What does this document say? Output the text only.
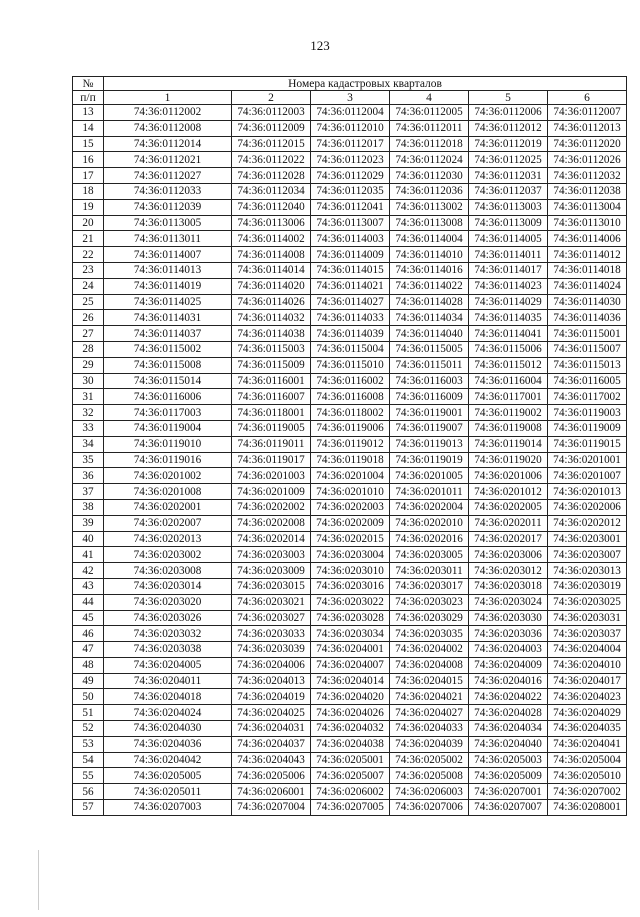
123
№	Номера кадастровых кварталов					
п/п	1	2	3	4	5	6
13	74:36:0112002	74:36:0112003	74:36:0112004	74:36:0112005	74:36:0112006	74:36:0112007
14	74:36:0112008	74:36:0112009	74:36:0112010	74:36:0112011	74:36:0112012	74:36:0112013
15	74:36:0112014	74:36:0112015	74:36:0112017	74:36:0112018	74:36:0112019	74:36:0112020
16	74:36:0112021	74:36:0112022	74:36:0112023	74:36:0112024	74:36:0112025	74:36:0112026
17	74:36:0112027	74:36:0112028	74:36:0112029	74:36:0112030	74:36:0112031	74:36:0112032
18	74:36:0112033	74:36:0112034	74:36:0112035	74:36:0112036	74:36:0112037	74:36:0112038
19	74:36:0112039	74:36:0112040	74:36:0112041	74:36:0113002	74:36:0113003	74:36:0113004
20	74:36:0113005	74:36:0113006	74:36:0113007	74:36:0113008	74:36:0113009	74:36:0113010
21	74:36:0113011	74:36:0114002	74:36:0114003	74:36:0114004	74:36:0114005	74:36:0114006
22	74:36:0114007	74:36:0114008	74:36:0114009	74:36:0114010	74:36:0114011	74:36:0114012
23	74:36:0114013	74:36:0114014	74:36:0114015	74:36:0114016	74:36:0114017	74:36:0114018
24	74:36:0114019	74:36:0114020	74:36:0114021	74:36:0114022	74:36:0114023	74:36:0114024
25	74:36:0114025	74:36:0114026	74:36:0114027	74:36:0114028	74:36:0114029	74:36:0114030
26	74:36:0114031	74:36:0114032	74:36:0114033	74:36:0114034	74:36:0114035	74:36:0114036
27	74:36:0114037	74:36:0114038	74:36:0114039	74:36:0114040	74:36:0114041	74:36:0115001
28	74:36:0115002	74:36:0115003	74:36:0115004	74:36:0115005	74:36:0115006	74:36:0115007
29	74:36:0115008	74:36:0115009	74:36:0115010	74:36:0115011	74:36:0115012	74:36:0115013
30	74:36:0115014	74:36:0116001	74:36:0116002	74:36:0116003	74:36:0116004	74:36:0116005
31	74:36:0116006	74:36:0116007	74:36:0116008	74:36:0116009	74:36:0117001	74:36:0117002
32	74:36:0117003	74:36:0118001	74:36:0118002	74:36:0119001	74:36:0119002	74:36:0119003
33	74:36:0119004	74:36:0119005	74:36:0119006	74:36:0119007	74:36:0119008	74:36:0119009
34	74:36:0119010	74:36:0119011	74:36:0119012	74:36:0119013	74:36:0119014	74:36:0119015
35	74:36:0119016	74:36:0119017	74:36:0119018	74:36:0119019	74:36:0119020	74:36:0201001
36	74:36:0201002	74:36:0201003	74:36:0201004	74:36:0201005	74:36:0201006	74:36:0201007
37	74:36:0201008	74:36:0201009	74:36:0201010	74:36:0201011	74:36:0201012	74:36:0201013
38	74:36:0202001	74:36:0202002	74:36:0202003	74:36:0202004	74:36:0202005	74:36:0202006
39	74:36:0202007	74:36:0202008	74:36:0202009	74:36:0202010	74:36:0202011	74:36:0202012
40	74:36:0202013	74:36:0202014	74:36:0202015	74:36:0202016	74:36:0202017	74:36:0203001
41	74:36:0203002	74:36:0203003	74:36:0203004	74:36:0203005	74:36:0203006	74:36:0203007
42	74:36:0203008	74:36:0203009	74:36:0203010	74:36:0203011	74:36:0203012	74:36:0203013
43	74:36:0203014	74:36:0203015	74:36:0203016	74:36:0203017	74:36:0203018	74:36:0203019
44	74:36:0203020	74:36:0203021	74:36:0203022	74:36:0203023	74:36:0203024	74:36:0203025
45	74:36:0203026	74:36:0203027	74:36:0203028	74:36:0203029	74:36:0203030	74:36:0203031
46	74:36:0203032	74:36:0203033	74:36:0203034	74:36:0203035	74:36:0203036	74:36:0203037
47	74:36:0203038	74:36:0203039	74:36:0204001	74:36:0204002	74:36:0204003	74:36:0204004
48	74:36:0204005	74:36:0204006	74:36:0204007	74:36:0204008	74:36:0204009	74:36:0204010
49	74:36:0204011	74:36:0204013	74:36:0204014	74:36:0204015	74:36:0204016	74:36:0204017
50	74:36:0204018	74:36:0204019	74:36:0204020	74:36:0204021	74:36:0204022	74:36:0204023
51	74:36:0204024	74:36:0204025	74:36:0204026	74:36:0204027	74:36:0204028	74:36:0204029
52	74:36:0204030	74:36:0204031	74:36:0204032	74:36:0204033	74:36:0204034	74:36:0204035
53	74:36:0204036	74:36:0204037	74:36:0204038	74:36:0204039	74:36:0204040	74:36:0204041
54	74:36:0204042	74:36:0204043	74:36:0205001	74:36:0205002	74:36:0205003	74:36:0205004
55	74:36:0205005	74:36:0205006	74:36:0205007	74:36:0205008	74:36:0205009	74:36:0205010
56	74:36:0205011	74:36:0206001	74:36:0206002	74:36:0206003	74:36:0207001	74:36:0207002
57	74:36:0207003	74:36:0207004	74:36:0207005	74:36:0207006	74:36:0207007	74:36:0208001
